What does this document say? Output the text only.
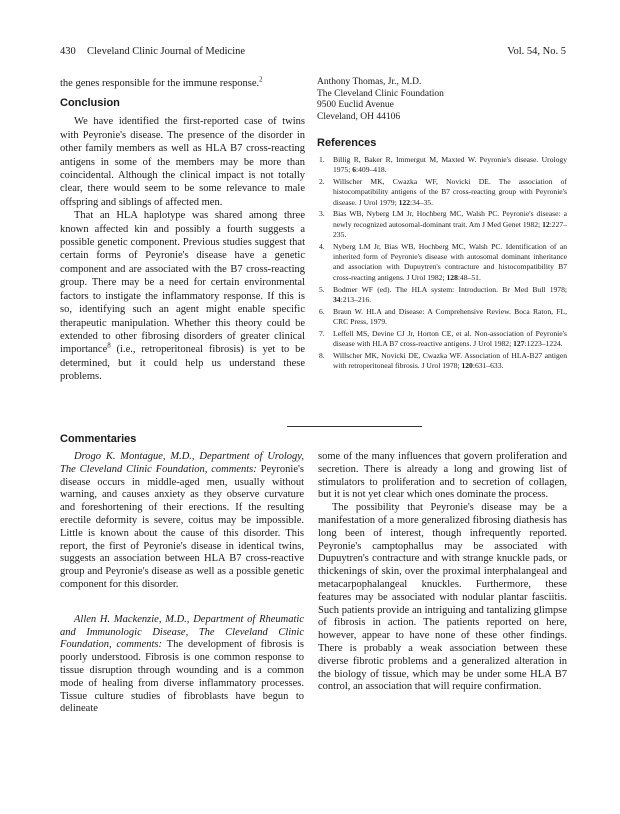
430 Cleveland Clinic Journal of Medicine	Vol. 54, No. 5

the genes responsible for the immune response.$^2$

Conclusion

We have identified the first-reported case of twins with Peyronie's disease. The presence of the disorder in other family members as well as HLA B7 cross-reacting antigens in some of the members may be more than coincidental. Although the clinical impact is not totally clear, there would seem to be some relevance to male offspring and siblings of affected men.

That an HLA haplotype was shared among three known affected kin and possibly a fourth suggests a possible genetic component. Previous studies suggest that certain forms of Peyronie's disease have a genetic component and are associated with the B7 cross-reacting group. There may be a need for certain environmental factors to instigate the inflammatory response. If this is so, identifying such an agent might enable specific therapeutic manipulation. Whether this theory could be extended to other fibrosing disorders of greater clinical importance$^8$ (i.e., retroperitoneal fibrosis) is yet to be determined, but it could help us understand these problems.

Anthony Thomas, Jr., M.D.

The Cleveland Clinic Foundation

9500 Euclid Avenue

Cleveland, OH 44106

References
1. Billig R, Baker R, Immergut M, Maxted W. Peyronie's disease. Urology 1975; 6:409–418.
2. Willscher MK, Cwazka WF, Novicki DE. The association of histocompatibility antigens of the B7 cross-reacting group with Peyronie's disease. J Urol 1979; 122:34–35.
3. Bias WB, Nyberg LM Jr, Hochberg MC, Walsh PC. Peyronie's disease: a newly recognized autosomal-dominant trait. Am J Med Genet 1982; 12:227–235.
4. Nyberg LM Jr, Bias WB, Hochberg MC, Walsh PC. Identification of an inherited form of Peyronie's disease with autosomal dominant inheritance and association with Dupuytren's contracture and histocompatibility B7 cross-reacting antigens. J Urol 1982; 128:48–51.
5. Bodmer WF (ed). The HLA system: Introduction. Br Med Bull 1978; 34:213–216.
6. Braun W. HLA and Disease: A Comprehensive Review. Boca Raton, FL, CRC Press, 1979.
7. Leffell MS, Devine CJ Jr, Horton CE, et al. Non-association of Peyronie's disease with HLA B7 cross-reactive antigens. J Urol 1982; 127:1223–1224.
8. Willscher MK, Novicki DE, Cwazka WF. Association of HLA-B27 antigen with retroperitoneal fibrosis. J Urol 1978; 120:631–633.
Commentaries

Drogo K. Montague, M.D., Department of Urology, The Cleveland Clinic Foundation, comments: Peyronie's disease occurs in middle-aged men, usually without warning, and causes anxiety as they observe curvature and foreshortening of their erections. If the resulting erectile deformity is severe, coitus may be impossible. Little is known about the cause of this disorder. This report, the first of Peyronie's disease in identical twins, suggests an association between HLA B7 cross-reactive group and Peyronie's disease as well as a possible genetic component for this disorder.

Allen H. Mackenzie, M.D., Department of Rheumatic and Immunologic Disease, The Cleveland Clinic Foundation, comments: The development of fibrosis is poorly understood. Fibrosis is one common response to tissue disruption through wounding and is a common mode of healing from diverse inflammatory processes. Tissue culture studies of fibroblasts have begun to delineate

some of the many influences that govern proliferation and secretion. There is already a long and growing list of stimulators to proliferation and to secretion of collagen, but it is not yet clear which ones dominate the process.

The possibility that Peyronie's disease may be a manifestation of a more generalized fibrosing diathesis has long been of interest, though infrequently reported. Peyronie's camptophallus may be associated with Dupuytren's contracture and with strange knuckle pads, or thickenings of skin, over the proximal interphalangeal and metacarpophalangeal knuckles. Furthermore, these features may be associated with nodular plantar fasciitis. Such patients provide an intriguing and tantalizing glimpse of fibrosis in action. The patients reported on here, however, appear to have none of these other findings. There is probably a weak association between these diverse fibrotic problems and a generalized alteration in the biology of tissue, which may be under some HLA B7 control, an association that will require confirmation.
